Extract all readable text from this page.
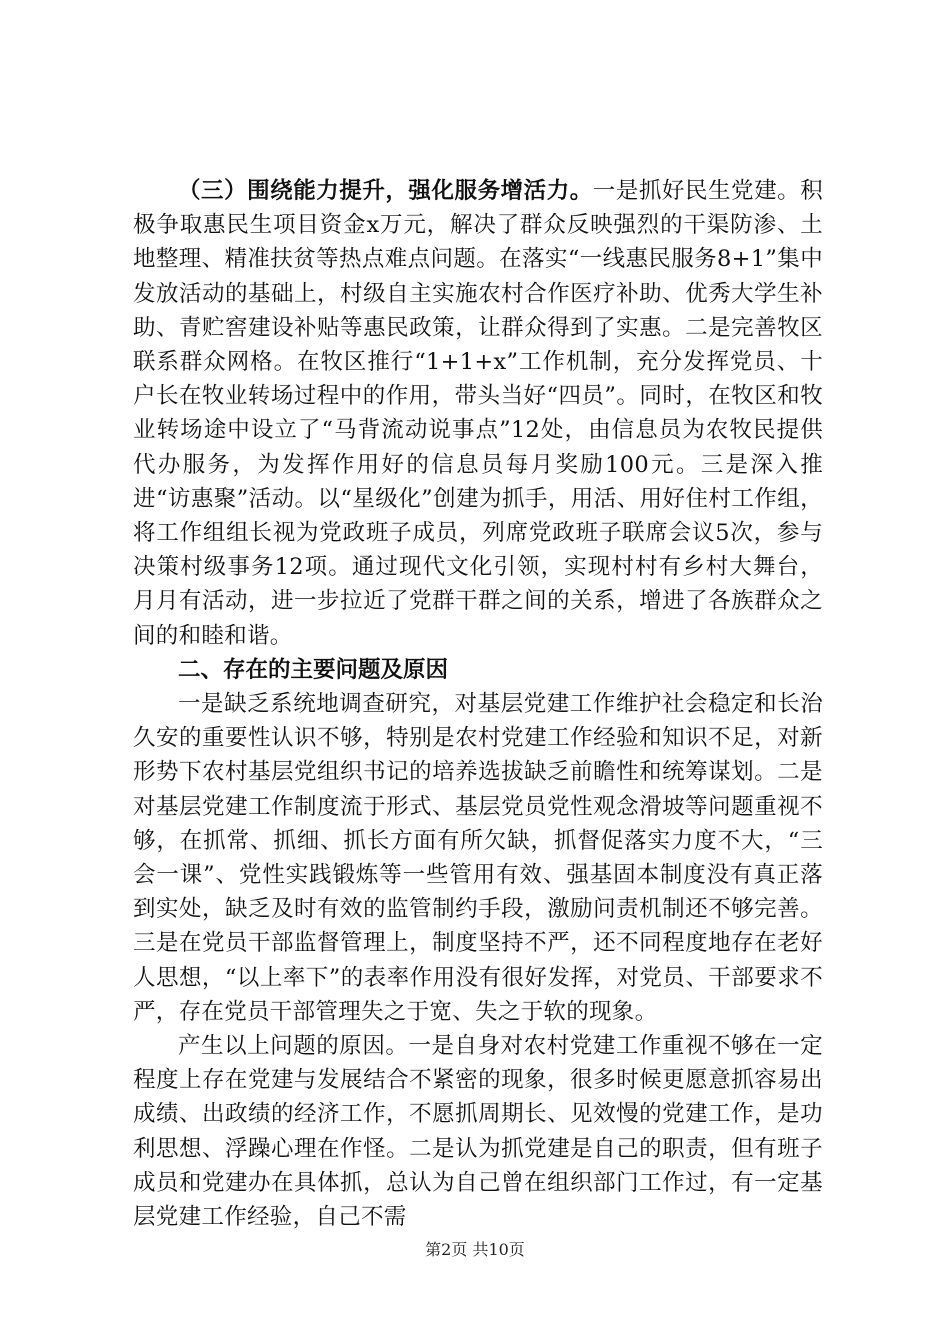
（三）围绕能力提升，强化服务增活力。一是抓好民生党建。积极争取惠民生项目资金x万元，解决了群众反映强烈的干渠防渗、土地整理、精准扶贫等热点难点问题。在落实“一线惠民服务8+1”集中发放活动的基础上，村级自主实施农村合作医疗补助、优秀大学生补助、青贮窖建设补贴等惠民政策，让群众得到了实惠。二是完善牧区联系群众网格。在牧区推行“1+1+x”工作机制，充分发挥党员、十户长在牧业转场过程中的作用，带头当好“四员”。同时，在牧区和牧业转场途中设立了“马背流动说事点”12处，由信息员为农牧民提供代办服务，为发挥作用好的信息员每月奖励100元。三是深入推进“访惠聚”活动。以“星级化”创建为抓手，用活、用好住村工作组，将工作组组长视为党政班子成员，列席党政班子联席会议5次，参与决策村级事务12项。通过现代文化引领，实现村村有乡村大舞台，月月有活动，进一步拉近了党群干群之间的关系，增进了各族群众之间的和睦和谐。

二、存在的主要问题及原因

一是缺乏系统地调查研究，对基层党建工作维护社会稳定和长治久安的重要性认识不够，特别是农村党建工作经验和知识不足，对新形势下农村基层党组织书记的培养选拔缺乏前瞻性和统筹谋划。二是对基层党建工作制度流于形式、基层党员党性观念滑坡等问题重视不够，在抓常、抓细、抓长方面有所欠缺，抓督促落实力度不大，“三会一课”、党性实践锻炼等一些管用有效、强基固本制度没有真正落到实处，缺乏及时有效的监管制约手段，激励问责机制还不够完善。三是在党员干部监督管理上，制度坚持不严，还不同程度地存在老好人思想，“以上率下”的表率作用没有很好发挥，对党员、干部要求不严，存在党员干部管理失之于宽、失之于软的现象。

产生以上问题的原因。一是自身对农村党建工作重视不够在一定程度上存在党建与发展结合不紧密的现象，很多时候更愿意抓容易出成绩、出政绩的经济工作，不愿抓周期长、见效慢的党建工作，是功利思想、浮躁心理在作怪。二是认为抓党建是自己的职责，但有班子成员和党建办在具体抓，总认为自己曾在组织部门工作过，有一定基层党建工作经验，自己不需

第2页 共10页
